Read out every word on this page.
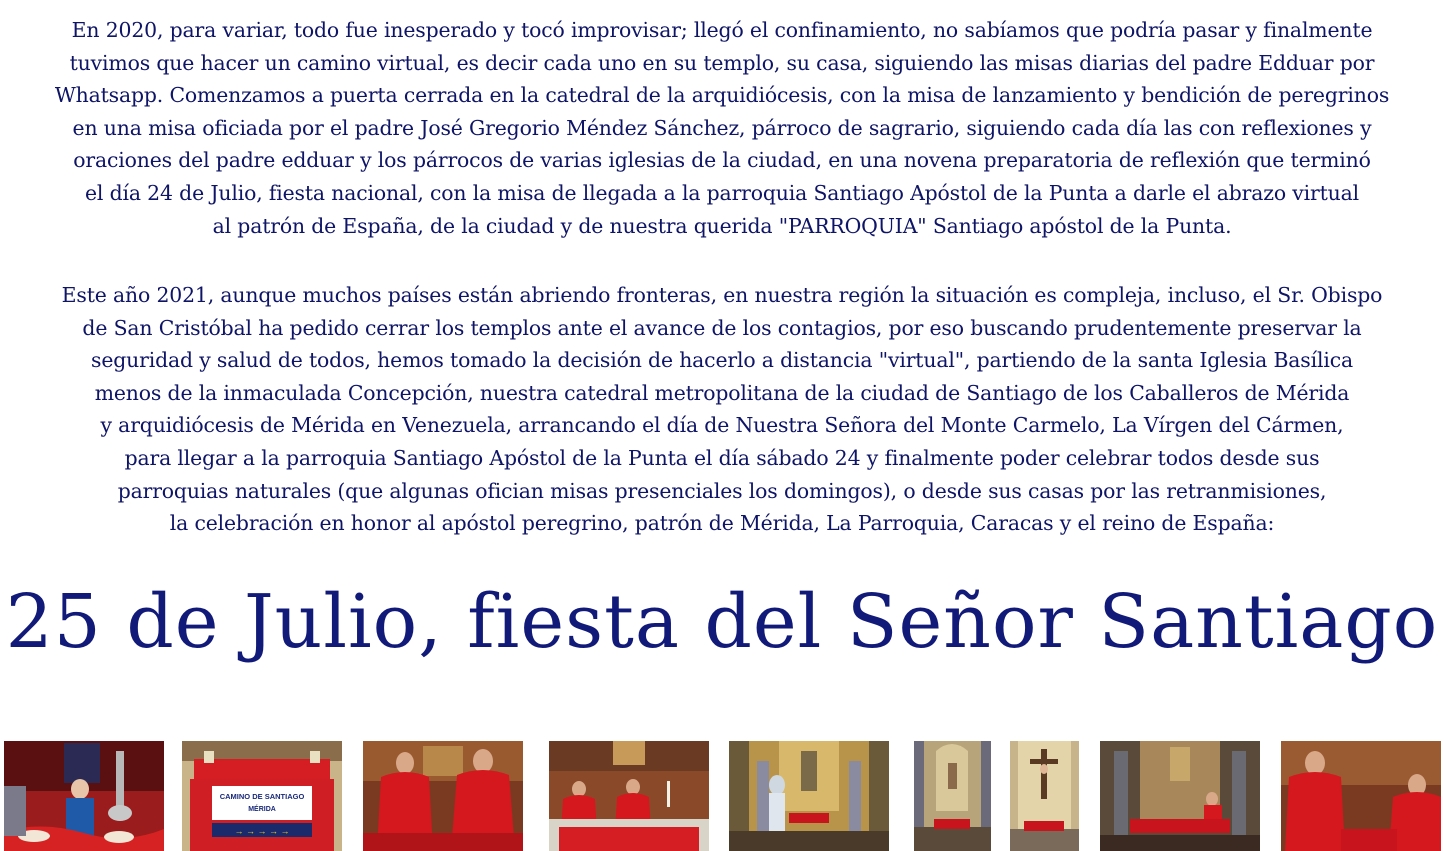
En 2020, para variar, todo fue inesperado y tocó improvisar; llegó el confinamiento, no sabíamos que podría pasar y finalmente
tuvimos que hacer un camino virtual, es decir cada uno en su templo, su casa, siguiendo las misas diarias del padre Edduar por
Whatsapp. Comenzamos a puerta cerrada en la catedral de la arquidiócesis, con la misa de lanzamiento y bendición de peregrinos
en una misa oficiada por el padre José Gregorio Méndez Sánchez, párroco de sagrario, siguiendo cada día las con reflexiones y
oraciones del padre edduar y los párrocos de varias iglesias de la ciudad, en una novena preparatoria de reflexión que terminó
el día 24 de Julio, fiesta nacional, con la misa de llegada a la parroquia Santiago Apóstol de la Punta a darle el abrazo virtual
al patrón de España, de la ciudad y de nuestra querida "PARROQUIA" Santiago apóstol de la Punta.
Este año 2021, aunque muchos países están abriendo fronteras, en nuestra región la situación es compleja, incluso, el Sr. Obispo
de San Cristóbal ha pedido cerrar los templos ante el avance de los contagios, por eso buscando prudentemente preservar la
seguridad y salud de todos, hemos tomado la decisión de hacerlo a distancia "virtual", partiendo de la santa Iglesia Basílica
menos de la inmaculada Concepción, nuestra catedral metropolitana de la ciudad de Santiago de los Caballeros de Mérida
y arquidiócesis de Mérida en Venezuela, arrancando el día de Nuestra Señora del Monte Carmelo, La Vírgen del Cármen,
para llegar a la parroquia Santiago Apóstol de la Punta el día sábado 24 y finalmente poder celebrar todos desde sus
parroquias naturales (que algunas ofician misas presenciales los domingos), o desde sus casas por las retranmisiones,
la celebración en honor al apóstol peregrino, patrón de Mérida, La Parroquia, Caracas y el reino de España:
25 de Julio, fiesta del Señor Santiago
CAMINO DE SANTIAGO
MÉRIDA
→ → → → →
